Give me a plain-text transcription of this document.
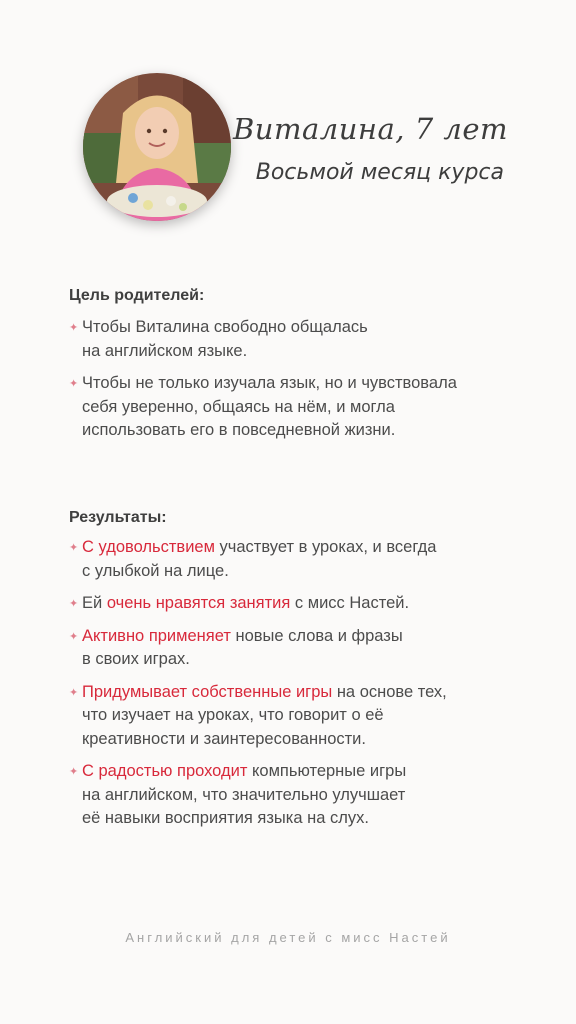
Виталина, 7 лет
Восьмой месяц курса
Цель родителей:
✦ Чтобы Виталина свободно общалась
на английском языке.
✦ Чтобы не только изучала язык, но и чувствовала
себя уверенно, общаясь на нём, и могла
использовать его в повседневной жизни.
Результаты:
✦ С удовольствием участвует в уроках, и всегда
с улыбкой на лице.
✦ Ей очень нравятся занятия с мисс Настей.
✦ Активно применяет новые слова и фразы
в своих играх.
✦ Придумывает собственные игры на основе тех,
что изучает на уроках, что говорит о её
креативности и заинтересованности.
✦ С радостью проходит компьютерные игры
на английском, что значительно улучшает
её навыки восприятия языка на слух.
Английский для детей с мисс Настей
